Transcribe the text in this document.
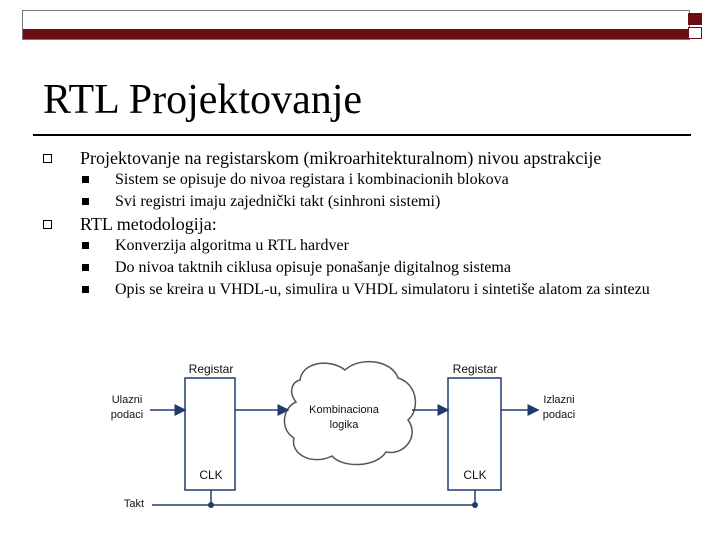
RTL Projektovanje
Projektovanje na registarskom (mikroarhitekturalnom) nivou apstrakcije
Sistem se opisuje do nivoa registara i kombinacionih blokova
Svi registri imaju zajednički takt (sinhroni sistemi)
RTL metodologija:
Konverzija algoritma u RTL hardver
Do nivoa taktnih ciklusa opisuje ponašanje digitalnog sistema
Opis se kreira u VHDL-u, simulira u VHDL simulatoru i sintetiše alatom za sintezu
Registar	Registar
Ulazni
podaci
Izlazni
podaci
Kombinaciona
logika
CLK	CLK
Takt
